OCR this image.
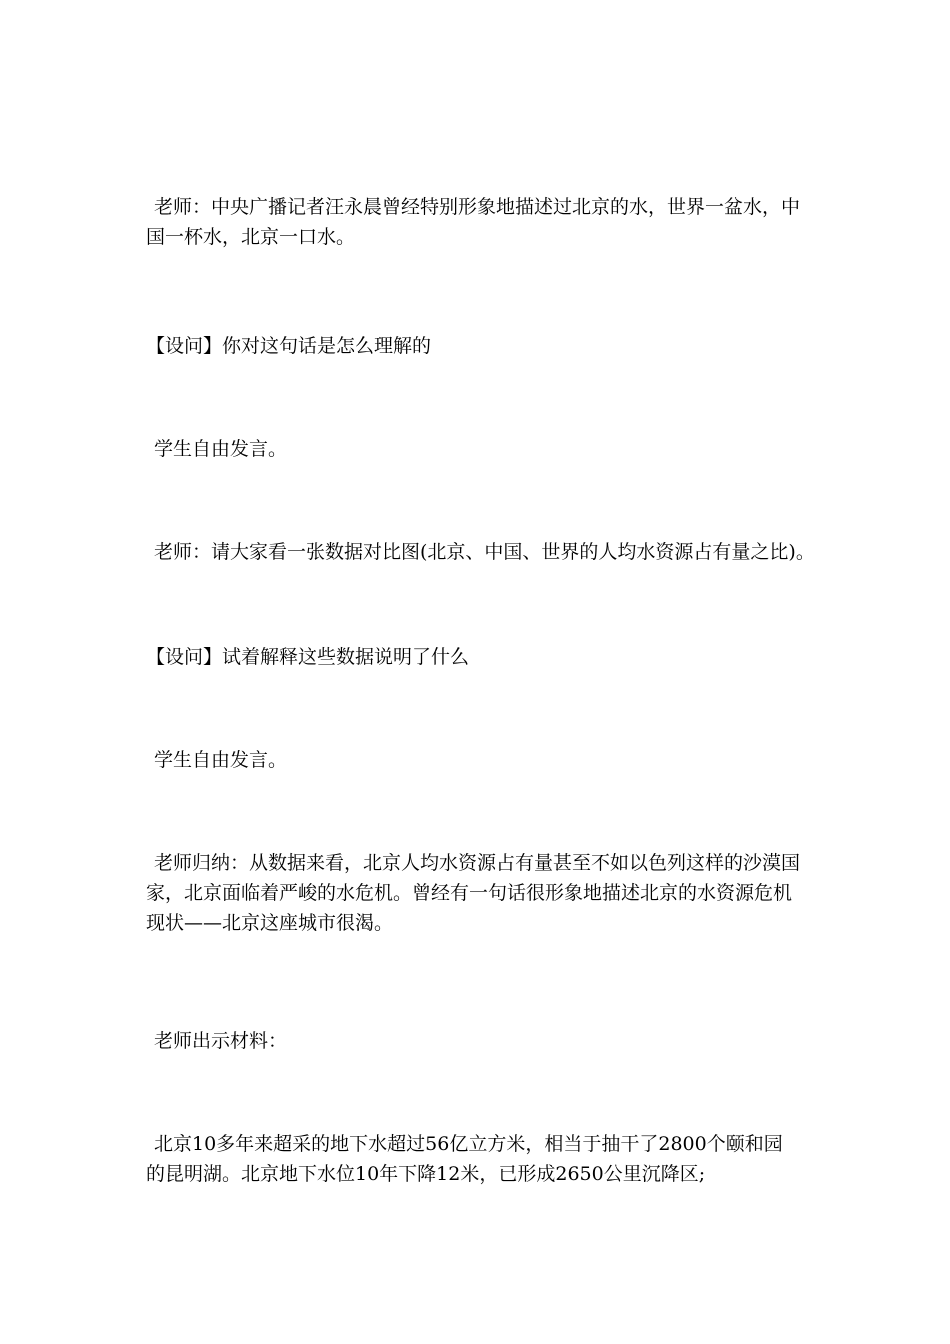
老师：中央广播记者汪永晨曾经特别形象地描述过北京的水，世界一盆水，中
国一杯水，北京一口水。
【设问】你对这句话是怎么理解的
学生自由发言。
老师：请大家看一张数据对比图(北京、中国、世界的人均水资源占有量之比)。
【设问】试着解释这些数据说明了什么
学生自由发言。
老师归纳：从数据来看，北京人均水资源占有量甚至不如以色列这样的沙漠国
家，北京面临着严峻的水危机。曾经有一句话很形象地描述北京的水资源危机
现状——北京这座城市很渴。
老师出示材料：
北京10多年来超采的地下水超过56亿立方米，相当于抽干了2800个颐和园
的昆明湖。北京地下水位10年下降12米，已形成2650公里沉降区;
